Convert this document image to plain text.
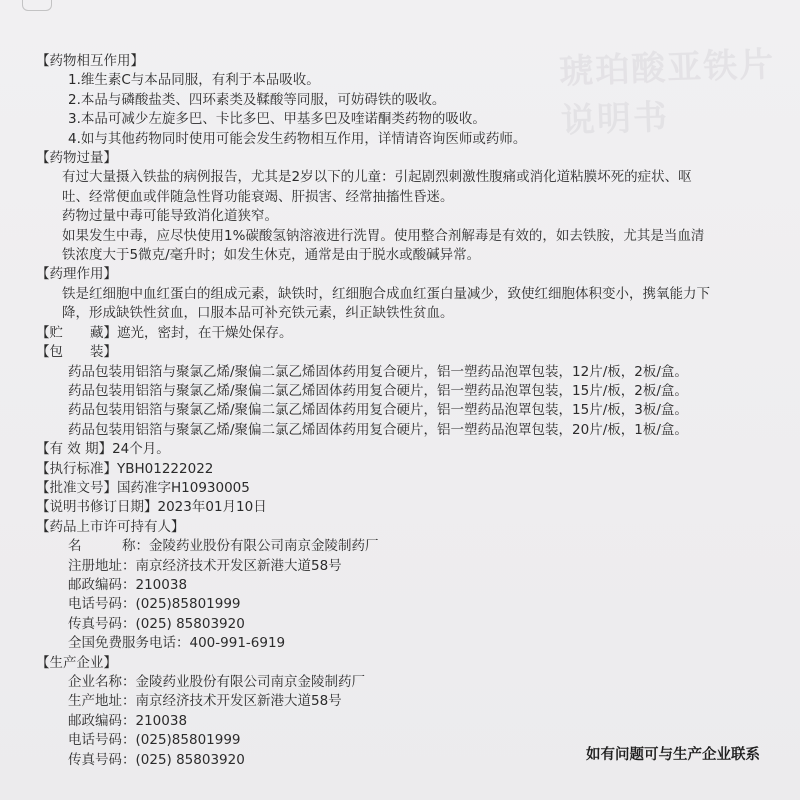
琥珀酸亚铁片说明书
【药物相互作用】
1.维生素C与本品同服，有利于本品吸收。
2.本品与磷酸盐类、四环素类及鞣酸等同服，可妨碍铁的吸收。
3.本品可减少左旋多巴、卡比多巴、甲基多巴及喹诺酮类药物的吸收。
4.如与其他药物同时使用可能会发生药物相互作用，详情请咨询医师或药师。
【药物过量】
有过大量摄入铁盐的病例报告，尤其是2岁以下的儿童：引起剧烈刺激性腹痛或消化道粘膜坏死的症状、呕
吐、经常便血或伴随急性肾功能衰竭、肝损害、经常抽搐性昏迷。
药物过量中毒可能导致消化道狭窄。
如果发生中毒，应尽快使用1%碳酸氢钠溶液进行洗胃。使用整合剂解毒是有效的，如去铁胺，尤其是当血清
铁浓度大于5微克/毫升时；如发生休克，通常是由于脱水或酸碱异常。
【药理作用】
铁是红细胞中血红蛋白的组成元素，缺铁时，红细胞合成血红蛋白量减少，致使红细胞体积变小，携氧能力下
降，形成缺铁性贫血，口服本品可补充铁元素，纠正缺铁性贫血。
【贮　　藏】遮光，密封，在干燥处保存。
【包　　装】
药品包装用铝箔与聚氯乙烯/聚偏二氯乙烯固体药用复合硬片，铝一塑药品泡罩包装，12片/板，2板/盒。
药品包装用铝箔与聚氯乙烯/聚偏二氯乙烯固体药用复合硬片，铝一塑药品泡罩包装，15片/板，2板/盒。
药品包装用铝箔与聚氯乙烯/聚偏二氯乙烯固体药用复合硬片，铝一塑药品泡罩包装，15片/板，3板/盒。
药品包装用铝箔与聚氯乙烯/聚偏二氯乙烯固体药用复合硬片，铝一塑药品泡罩包装，20片/板，1板/盒。
【有 效 期】24个月。
【执行标准】YBH01222022
【批准文号】国药准字H10930005
【说明书修订日期】2023年01月10日
【药品上市许可持有人】
名　　　称： 金陵药业股份有限公司南京金陵制药厂
注册地址： 南京经济技术开发区新港大道58号
邮政编码： 210038
电话号码： (025)85801999
传真号码： (025) 85803920
全国免费服务电话： 400-991-6919
【生产企业】
企业名称： 金陵药业股份有限公司南京金陵制药厂
生产地址： 南京经济技术开发区新港大道58号
邮政编码： 210038
电话号码： (025)85801999
传真号码： (025) 85803920	如有问题可与生产企业联系
